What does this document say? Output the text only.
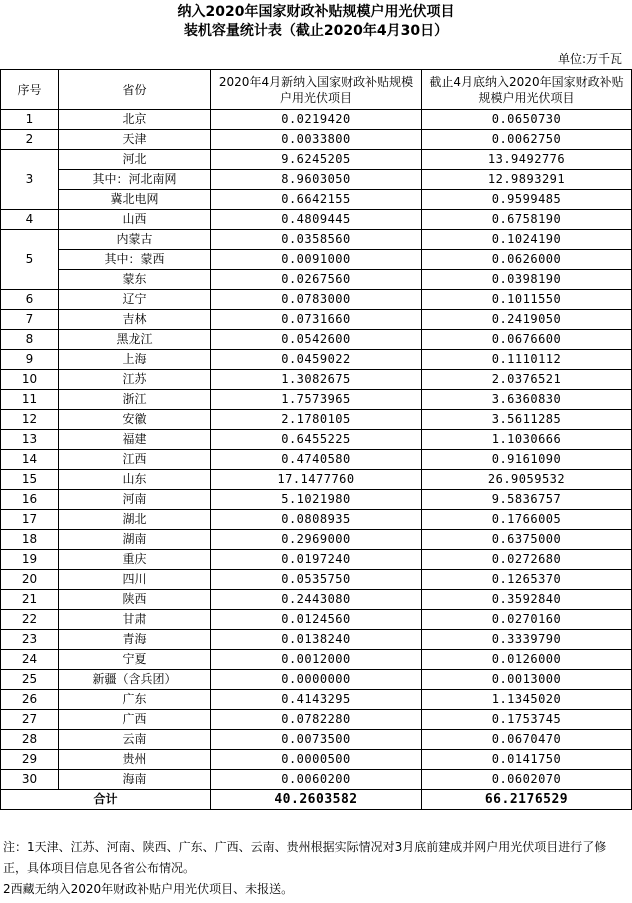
纳入2020年国家财政补贴规模户用光伏项目
装机容量统计表（截止2020年4月30日）
单位:万千瓦
序号	省份	2020年4月新纳入国家财政补贴规模户用光伏项目	截止4月底纳入2020年国家财政补贴规模户用光伏项目
1	北京	0.0219420	0.0650730
2	天津	0.0033800	0.0062750
3	河北	9.6245205	13.9492776
	其中：河北南网	8.9603050	12.9893291
	冀北电网	0.6642155	0.9599485
4	山西	0.4809445	0.6758190
5	内蒙古	0.0358560	0.1024190
	其中：蒙西	0.0091000	0.0626000
	蒙东	0.0267560	0.0398190
6	辽宁	0.0783000	0.1011550
7	吉林	0.0731660	0.2419050
8	黑龙江	0.0542600	0.0676600
9	上海	0.0459022	0.1110112
10	江苏	1.3082675	2.0376521
11	浙江	1.7573965	3.6360830
12	安徽	2.1780105	3.5611285
13	福建	0.6455225	1.1030666
14	江西	0.4740580	0.9161090
15	山东	17.1477760	26.9059532
16	河南	5.1021980	9.5836757
17	湖北	0.0808935	0.1766005
18	湖南	0.2969000	0.6375000
19	重庆	0.0197240	0.0272680
20	四川	0.0535750	0.1265370
21	陕西	0.2443080	0.3592840
22	甘肃	0.0124560	0.0270160
23	青海	0.0138240	0.3339790
24	宁夏	0.0012000	0.0126000
25	新疆（含兵团）	0.0000000	0.0013000
26	广东	0.4143295	1.1345020
27	广西	0.0782280	0.1753745
28	云南	0.0073500	0.0670470
29	贵州	0.0000500	0.0141750
30	海南	0.0060200	0.0602070
合计		40.2603582	66.2176529
注：1天津、江苏、河南、陕西、广东、广西、云南、贵州根据实际情况对3月底前建成并网户用光伏项目进行了修正，具体项目信息见各省公布情况。
2西藏无纳入2020年财政补贴户用光伏项目、未报送。
